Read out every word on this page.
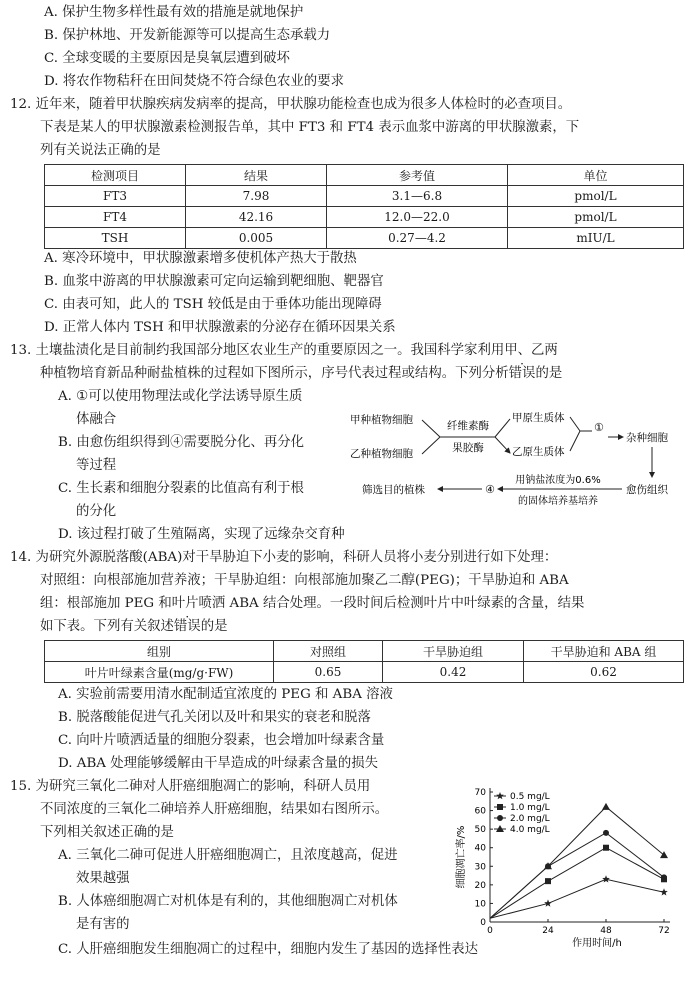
A. 保护生物多样性最有效的措施是就地保护
B. 保护林地、开发新能源等可以提高生态承载力
C. 全球变暖的主要原因是臭氧层遭到破坏
D. 将农作物秸秆在田间焚烧不符合绿色农业的要求
12. 近年来，随着甲状腺疾病发病率的提高，甲状腺功能检查也成为很多人体检时的必查项目。
下表是某人的甲状腺激素检测报告单，其中 FT3 和 FT4 表示血浆中游离的甲状腺激素，下
列有关说法正确的是
检测项目	结果	参考值	单位
FT3	7.98	3.1—6.8	pmol/L
FT4	42.16	12.0—22.0	pmol/L
TSH	0.005	0.27—4.2	mIU/L
A. 寒冷环境中，甲状腺激素增多使机体产热大于散热
B. 血浆中游离的甲状腺激素可定向运输到靶细胞、靶器官
C. 由表可知，此人的 TSH 较低是由于垂体功能出现障碍
D. 正常人体内 TSH 和甲状腺激素的分泌存在循环因果关系
13. 土壤盐渍化是目前制约我国部分地区农业生产的重要原因之一。我国科学家利用甲、乙两
种植物培育新品种耐盐植株的过程如下图所示，序号代表过程或结构。下列分析错误的是
A. ①可以使用物理法或化学法诱导原生质
体融合
B. 由愈伤组织得到④需要脱分化、再分化
等过程
C. 生长素和细胞分裂素的比值高有利于根
的分化
D. 该过程打破了生殖隔离，实现了远缘杂交育种
甲种植物细胞
乙种植物细胞
纤维素酶
果胶酶
甲原生质体
乙原生质体
①
杂种细胞
愈伤组织
用钠盐浓度为0.6%
的固体培养基培养
④
筛选目的植株
14. 为研究外源脱落酸(ABA)对干旱胁迫下小麦的影响，科研人员将小麦分别进行如下处理：
对照组：向根部施加营养液；干旱胁迫组：向根部施加聚乙二醇(PEG)；干旱胁迫和 ABA
组：根部施加 PEG 和叶片喷洒 ABA 结合处理。一段时间后检测叶片中叶绿素的含量，结果
如下表。下列有关叙述错误的是
组别	对照组	干旱胁迫组	干旱胁迫和 ABA 组
叶片叶绿素含量(mg/g·FW)	0.65	0.42	0.62
A. 实验前需要用清水配制适宜浓度的 PEG 和 ABA 溶液
B. 脱落酸能促进气孔关闭以及叶和果实的衰老和脱落
C. 向叶片喷洒适量的细胞分裂素，也会增加叶绿素含量
D. ABA 处理能够缓解由干旱造成的叶绿素含量的损失
15. 为研究三氧化二砷对人肝癌细胞凋亡的影响，科研人员用
不同浓度的三氧化二砷培养人肝癌细胞，结果如右图所示。
下列相关叙述正确的是
A. 三氧化二砷可促进人肝癌细胞凋亡，且浓度越高，促进
效果越强
B. 人体癌细胞凋亡对机体是有利的，其他细胞凋亡对机体
是有害的
C. 人肝癌细胞发生细胞凋亡的过程中，细胞内发生了基因的选择性表达
0
10
20
30
40
50
60
70
0	24	48	72
0.5 mg/L
1.0 mg/L
2.0 mg/L
4.0 mg/L
细胞凋亡率/%
作用时间/h
